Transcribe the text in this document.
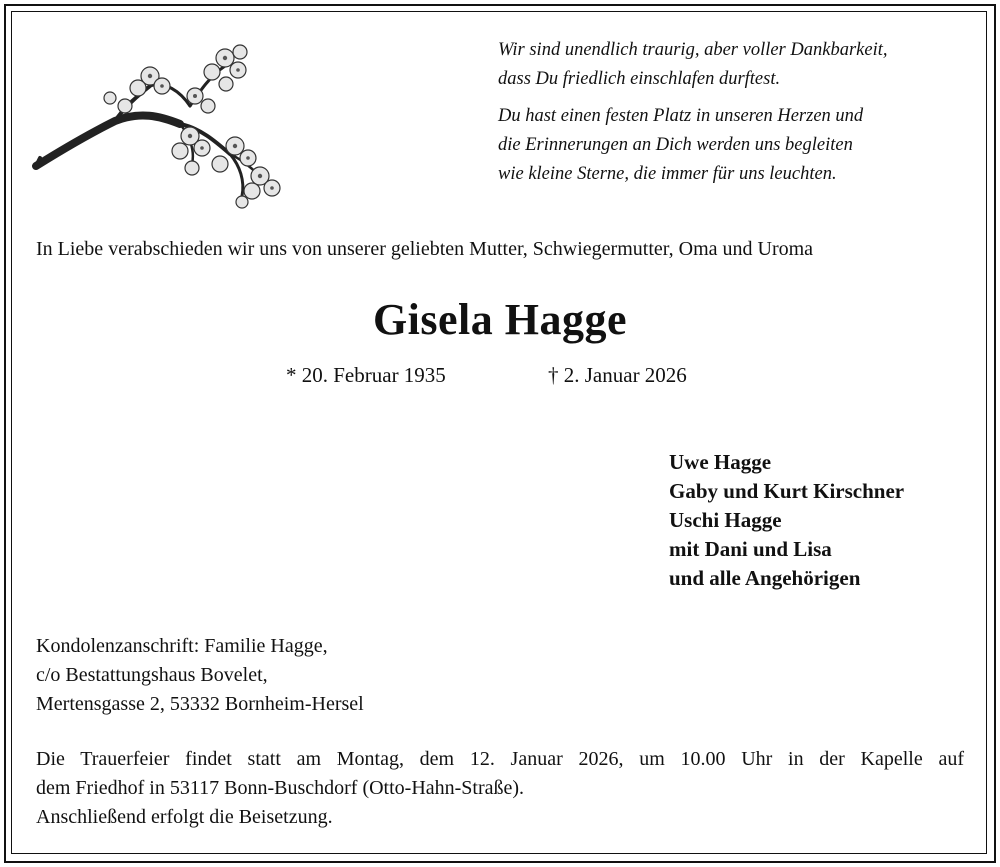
Wir sind unendlich traurig, aber voller Dankbarkeit,
dass Du friedlich einschlafen durftest.

Du hast einen festen Platz in unseren Herzen und
die Erinnerungen an Dich werden uns begleiten
wie kleine Sterne, die immer für uns leuchten.

In Liebe verabschieden wir uns von unserer geliebten Mutter, Schwiegermutter, Oma und Uroma
Gisela Hagge
* 20. Februar 1935	† 2. Januar 2026
Uwe Hagge
Gaby und Kurt Kirschner
Uschi Hagge
mit Dani und Lisa
und alle Angehörigen
Kondolenzanschrift: Familie Hagge,
c/o Bestattungshaus Bovelet,
Mertensgasse 2, 53332 Bornheim-Hersel
Die Trauerfeier findet statt am Montag, dem 12. Januar 2026, um 10.00 Uhr in der Kapelle auf
dem Friedhof in 53117 Bonn-Buschdorf (Otto-Hahn-Straße).
Anschließend erfolgt die Beisetzung.
